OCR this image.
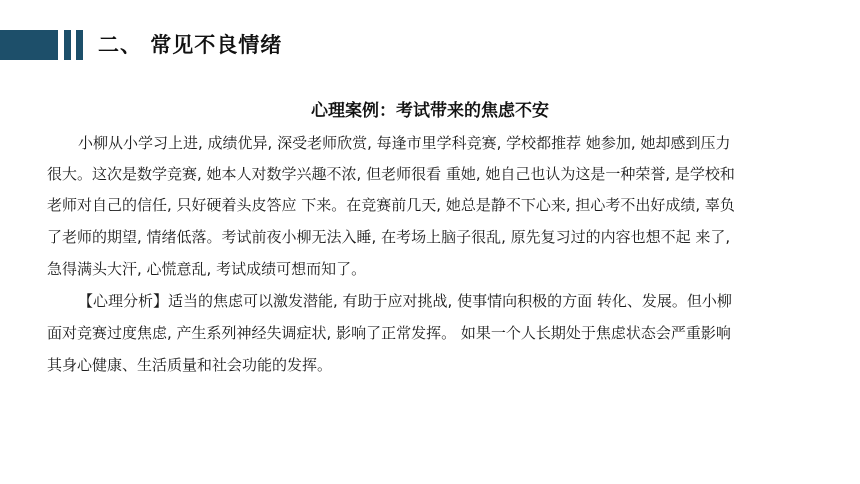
二、 常见不良情绪
心理案例：考试带来的焦虑不安
小柳从小学习上进, 成绩优异, 深受老师欣赏, 每逢市里学科竞赛, 学校都推荐 她参加, 她却感到压力
很大。这次是数学竞赛, 她本人对数学兴趣不浓, 但老师很看 重她, 她自己也认为这是一种荣誉, 是学校和
老师对自己的信任, 只好硬着头皮答应 下来。在竞赛前几天, 她总是静不下心来, 担心考不出好成绩, 辜负
了老师的期望, 情绪低落。考试前夜小柳无法入睡, 在考场上脑子很乱, 原先复习过的内容也想不起 来了,
急得满头大汗, 心慌意乱, 考试成绩可想而知了。
【心理分析】适当的焦虑可以激发潜能, 有助于应对挑战, 使事情向积极的方面 转化、发展。但小柳
面对竞赛过度焦虑, 产生系列神经失调症状, 影响了正常发挥。 如果一个人长期处于焦虑状态会严重影响
其身心健康、生活质量和社会功能的发挥。
